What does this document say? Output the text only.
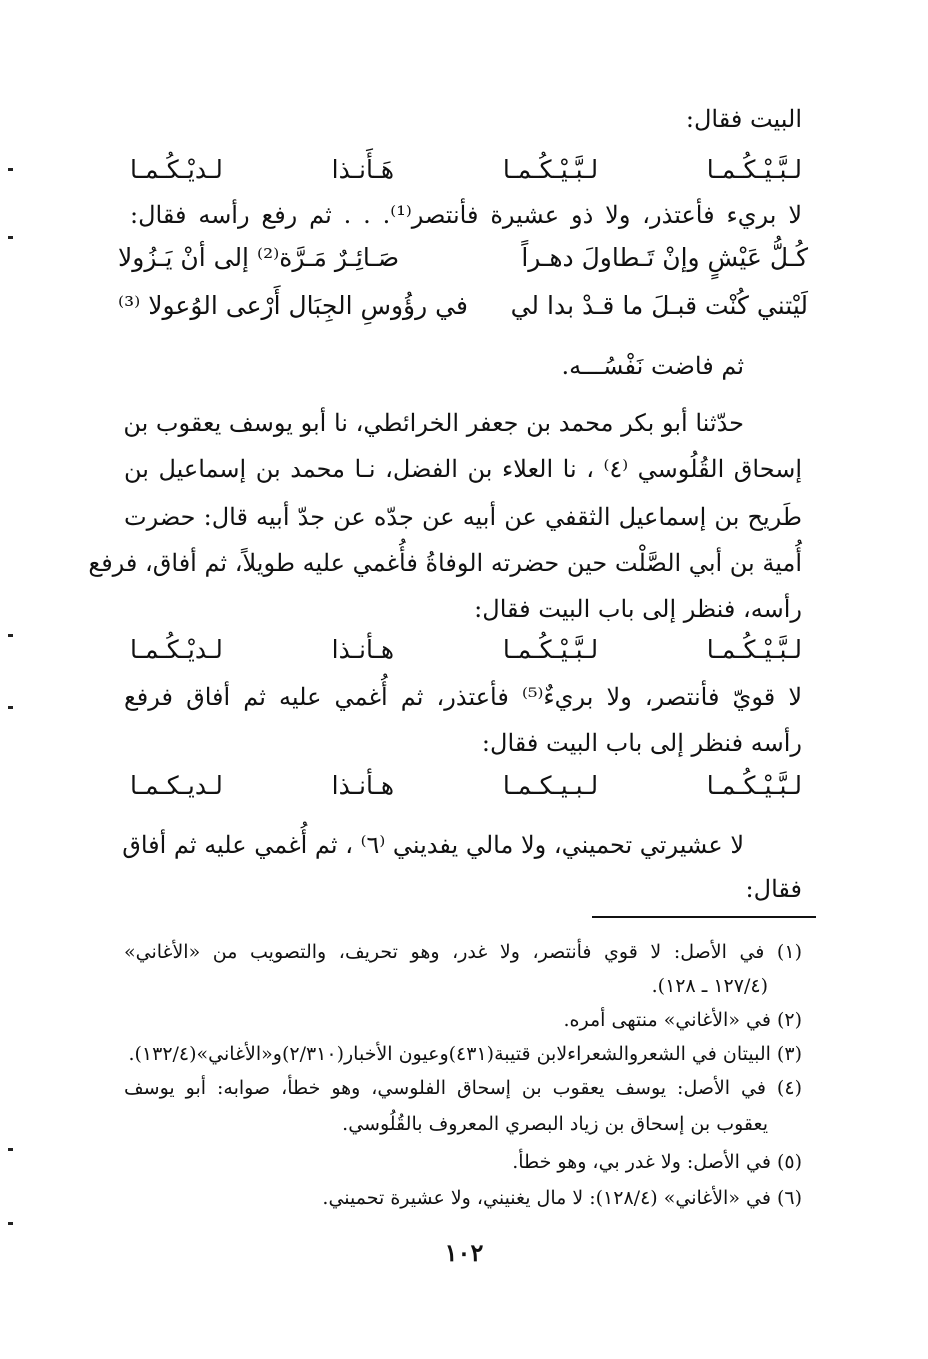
البيت فقال:
لـبَّـيْـكُـمـا
لـبَّـيْـكُـمـا
هَـأَنـذا
لـديْـكُـمـا
لا بريء فأعتذر، ولا ذو عشيرة فأنتصر⁽¹⁾. . . ثم رفع رأسه فقال:
كُـلُّ عَيْشٍ وإنْ تَـطاولَ دهـراً
صَـائِـرٌ مَـرَّة⁽²⁾ إلى أنْ يَـزُولا
لَيْتني كُنْت قبـلَ ما قـدْ بدا لي
في رؤُوسِ الجِبَال أَرْعى الوُعولا ⁽³⁾
ثم فاضت نَفْسُـــه.
حدّثنا أبو بكر محمد بن جعفر الخرائطي، نا أبو يوسف يعقوب بن
إسحاق القُلُوسي ⁽٤⁾ ، نا العلاء بن الفضل، نـا محمد بن إسماعيل بن
طَريح بن إسماعيل الثقفي عن أبيه عن جدّه عن جدّ أبيه قال: حضرت
أُمية بن أبي الصَّلْت حين حضرته الوفاةُ فأُغمي عليه طويلاً، ثم أفاق، فرفع
رأسه، فنظر إلى باب البيت فقال:
لـبَّـيْـكُـمـا
لـبَّـيْـكُـمـا
هـأنـذا
لـديْـكُـمـا
لا قويّ فأنتصر، ولا بريءٌ⁽⁵⁾ فأعتذر، ثم أُغمي عليه ثم أفاق فرفع
رأسه فنظر إلى باب البيت فقال:
لـبَّـيْـكُـمـا
لـبـيـكـمـا
هـأنـذا
لـديـكـمـا
لا عشيرتي تحميني، ولا مالي يفديني ⁽٦⁾ ، ثم أُغمي عليه ثم أفاق
فقال:
(١) في الأصل: لا قوي فأنتصر، ولا غدر، وهو تحريف، والتصويب من «الأغاني»
(١٢٧/٤ ـ ١٢٨).
(٢) في «الأغاني» منتهى أمره.
(٣) البيتان في الشعروالشعراءلابن قتيبة(٤٣١)وعيون الأخبار(٢/٣١٠)و«الأغاني»(١٣٢/٤).
(٤) في الأصل: يوسف يعقوب بن إسحاق الفلوسي، وهو خطأ، صوابه: أبو يوسف
يعقوب بن إسحاق بن زياد البصري المعروف بالقُلُوسي.
(٥) في الأصل: ولا غدر بي، وهو خطأ.
(٦) في «الأغاني» (١٢٨/٤): لا مال يغنيني، ولا عشيرة تحميني.
١٠٢
